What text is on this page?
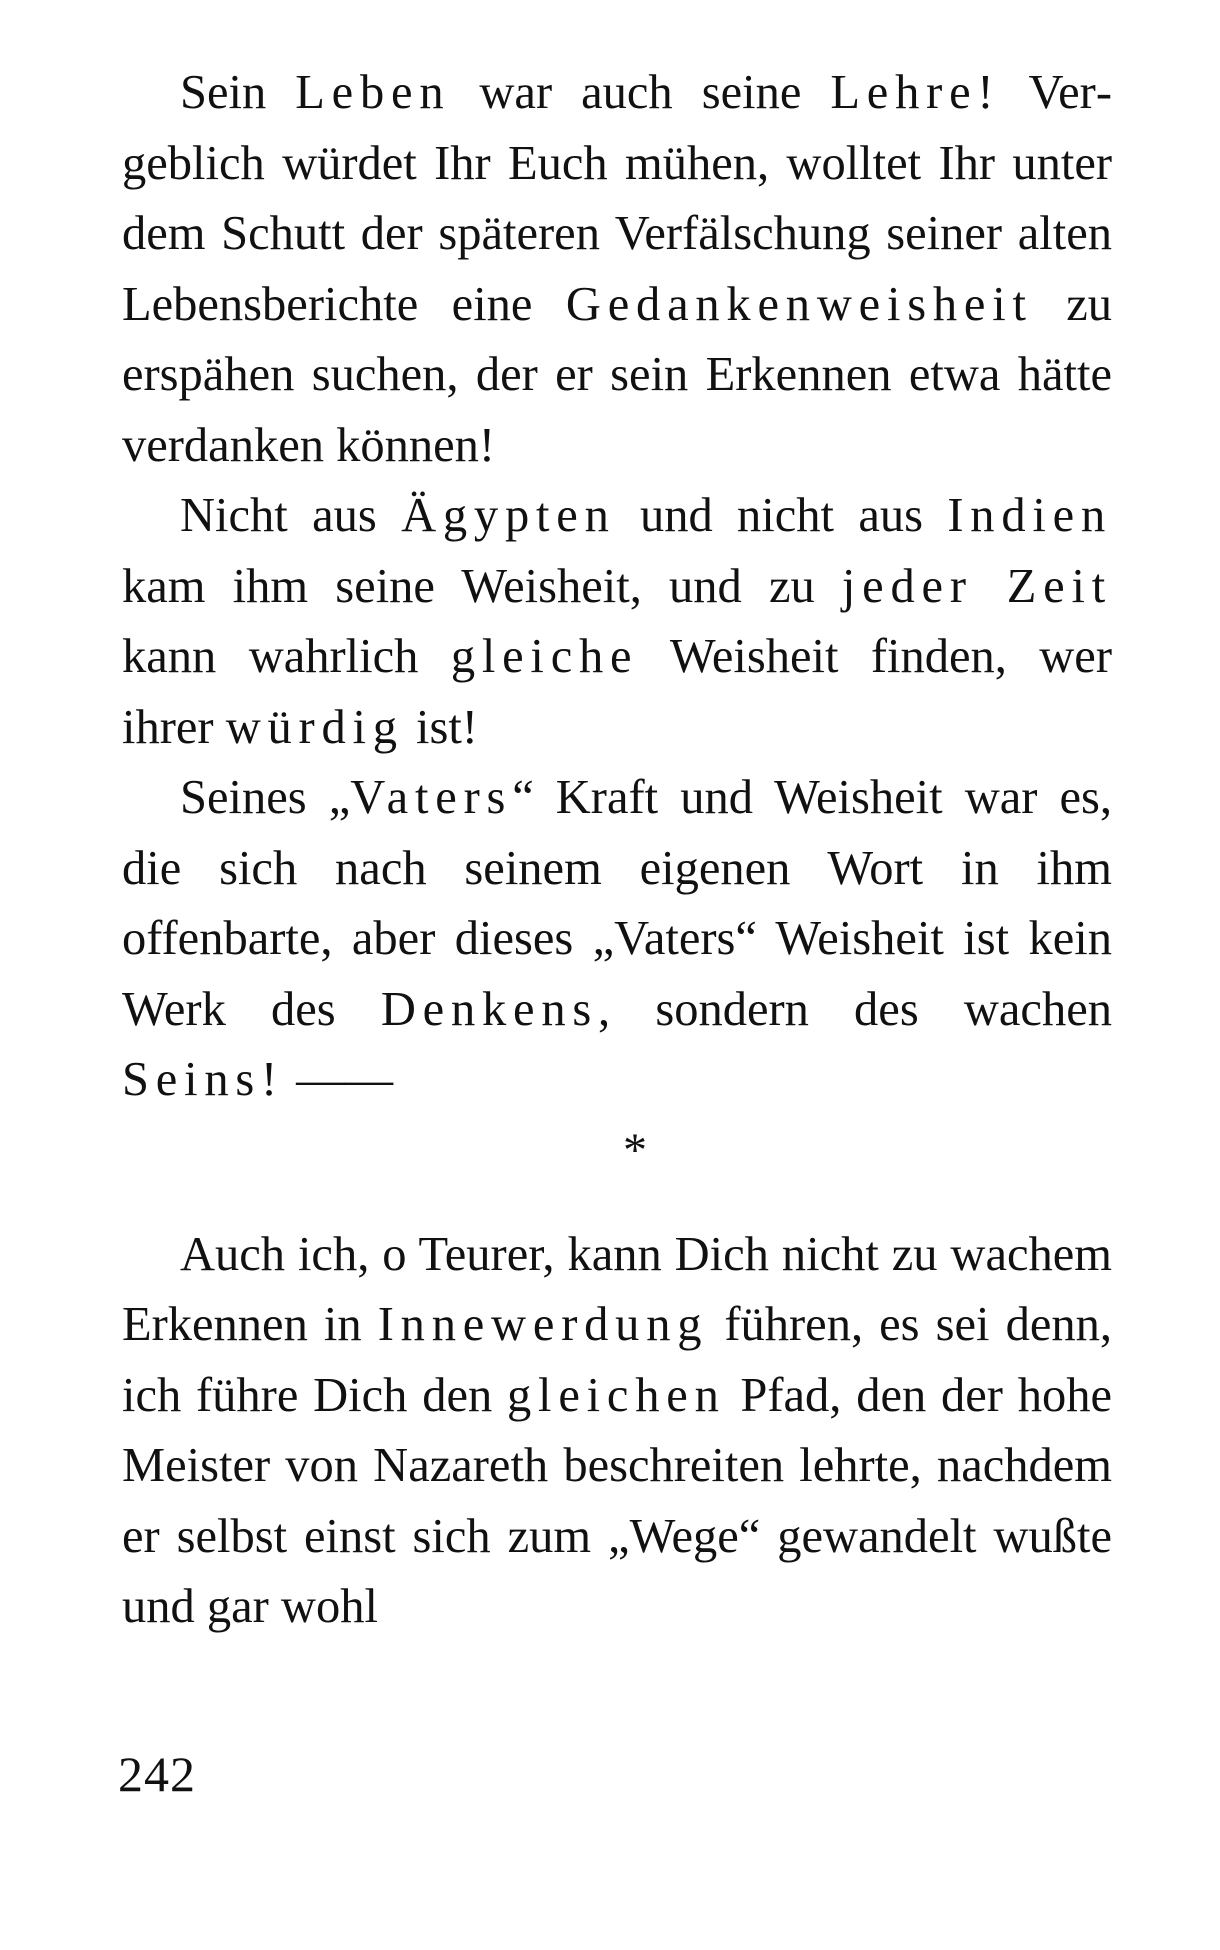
Sein Leben war auch seine Lehre! Vergeblich würdet Ihr Euch mühen, wolltet Ihr unter dem Schutt der späteren Verfälschung seiner alten Lebensberichte eine Gedankenweisheit zu erspähen suchen, der er sein Erkennen etwa hätte verdanken können!

Nicht aus Ägypten und nicht aus Indien kam ihm seine Weisheit, und zu jeder Zeit kann wahrlich gleiche Weisheit finden, wer ihrer würdig ist!

Seines „Vaters“ Kraft und Weisheit war es, die sich nach seinem eigenen Wort in ihm offenbarte, aber dieses „Vaters“ Weisheit ist kein Werk des Denkens, sondern des wachen Seins! ——

*

Auch ich, o Teurer, kann Dich nicht zu wachem Erkennen in Innewerdung führen, es sei denn, ich führe Dich den gleichen Pfad, den der hohe Meister von Nazareth beschreiten lehrte, nachdem er selbst einst sich zum „Wege“ gewandelt wußte und gar wohl

242
